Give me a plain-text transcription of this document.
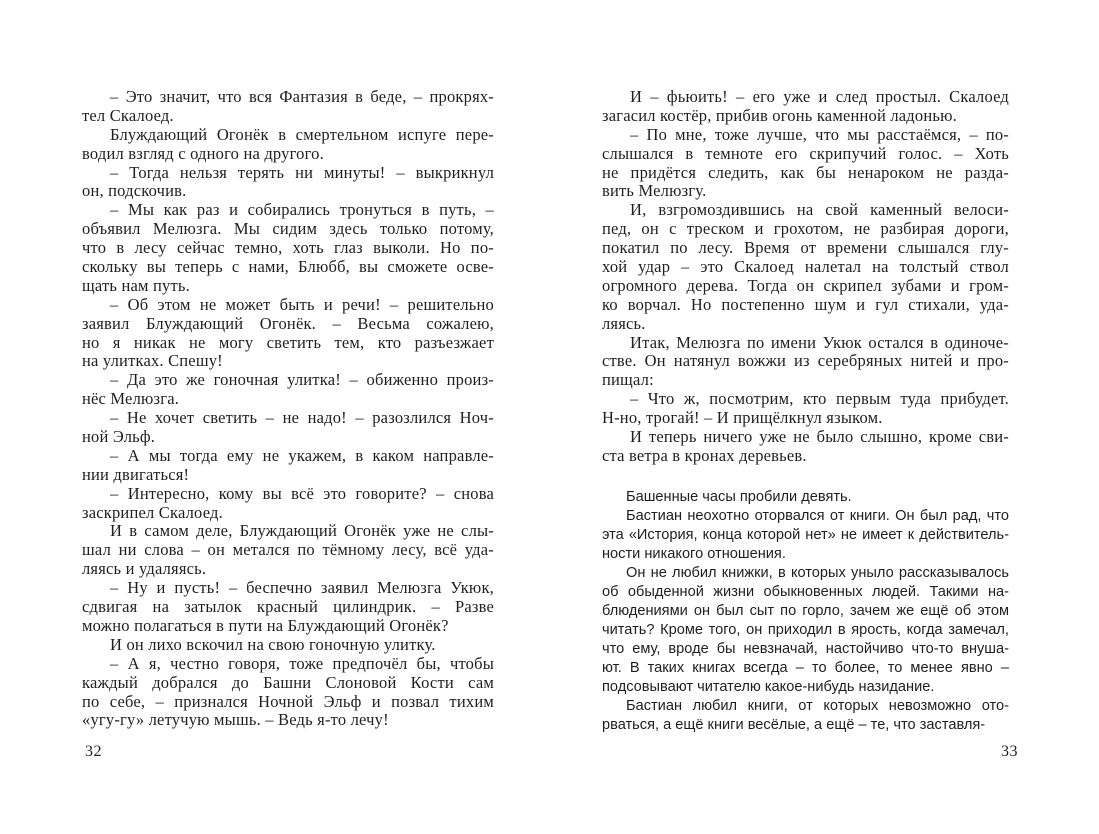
– Это значит, что вся Фантазия в беде, – прокрях-
тел Скалоед.
Блуждающий Огонёк в смертельном испуге пере-
водил взгляд с одного на другого.
– Тогда нельзя терять ни минуты! – выкрикнул
он, подскочив.
– Мы как раз и собирались тронуться в путь, –
объявил Мелюзга. Мы сидим здесь только потому,
что в лесу сейчас темно, хоть глаз выколи. Но по-
скольку вы теперь с нами, Блюбб, вы сможете осве-
щать нам путь.
– Об этом не может быть и речи! – решительно
заявил Блуждающий Огонёк. – Весьма сожалею,
но я никак не могу светить тем, кто разъезжает
на улитках. Спешу!
– Да это же гоночная улитка! – обиженно произ-
нёс Мелюзга.
– Не хочет светить – не надо! – разозлился Ноч-
ной Эльф.
– А мы тогда ему не укажем, в каком направле-
нии двигаться!
– Интересно, кому вы всё это говорите? – снова
заскрипел Скалоед.
И в самом деле, Блуждающий Огонёк уже не слы-
шал ни слова – он метался по тёмному лесу, всё уда-
ляясь и удаляясь.
– Ну и пусть! – беспечно заявил Мелюзга Укюк,
сдвигая на затылок красный цилиндрик. – Разве
можно полагаться в пути на Блуждающий Огонёк?
И он лихо вскочил на свою гоночную улитку.
– А я, честно говоря, тоже предпочёл бы, чтобы
каждый добрался до Башни Слоновой Кости сам
по себе, – признался Ночной Эльф и позвал тихим
«угу-гу» летучую мышь. – Ведь я-то лечу!
И – фьюить! – его уже и след простыл. Скалоед
загасил костёр, прибив огонь каменной ладонью.
– По мне, тоже лучше, что мы расстаёмся, – по-
слышался в темноте его скрипучий голос. – Хоть
не придётся следить, как бы ненароком не разда-
вить Мелюзгу.
И, взгромоздившись на свой каменный велоси-
пед, он с треском и грохотом, не разбирая дороги,
покатил по лесу. Время от времени слышался глу-
хой удар – это Скалоед налетал на толстый ствол
огромного дерева. Тогда он скрипел зубами и гром-
ко ворчал. Но постепенно шум и гул стихали, уда-
ляясь.
Итак, Мелюзга по имени Укюк остался в одиноче-
стве. Он натянул вожжи из серебряных нитей и про-
пищал:
– Что ж, посмотрим, кто первым туда прибудет.
Н-но, трогай! – И прищёлкнул языком.
И теперь ничего уже не было слышно, кроме сви-
ста ветра в кронах деревьев.
Башенные часы пробили девять.
Бастиан неохотно оторвался от книги. Он был рад, что
эта «История, конца которой нет» не имеет к действитель-
ности никакого отношения.
Он не любил книжки, в которых уныло рассказывалось
об обыденной жизни обыкновенных людей. Такими на-
блюдениями он был сыт по горло, зачем же ещё об этом
читать? Кроме того, он приходил в ярость, когда замечал,
что ему, вроде бы невзначай, настойчиво что-то внуша-
ют. В таких книгах всегда – то более, то менее явно –
подсовывают читателю какое-нибудь назидание.
Бастиан любил книги, от которых невозможно ото-
рваться, а ещё книги весёлые, а ещё – те, что заставля-
32	33
